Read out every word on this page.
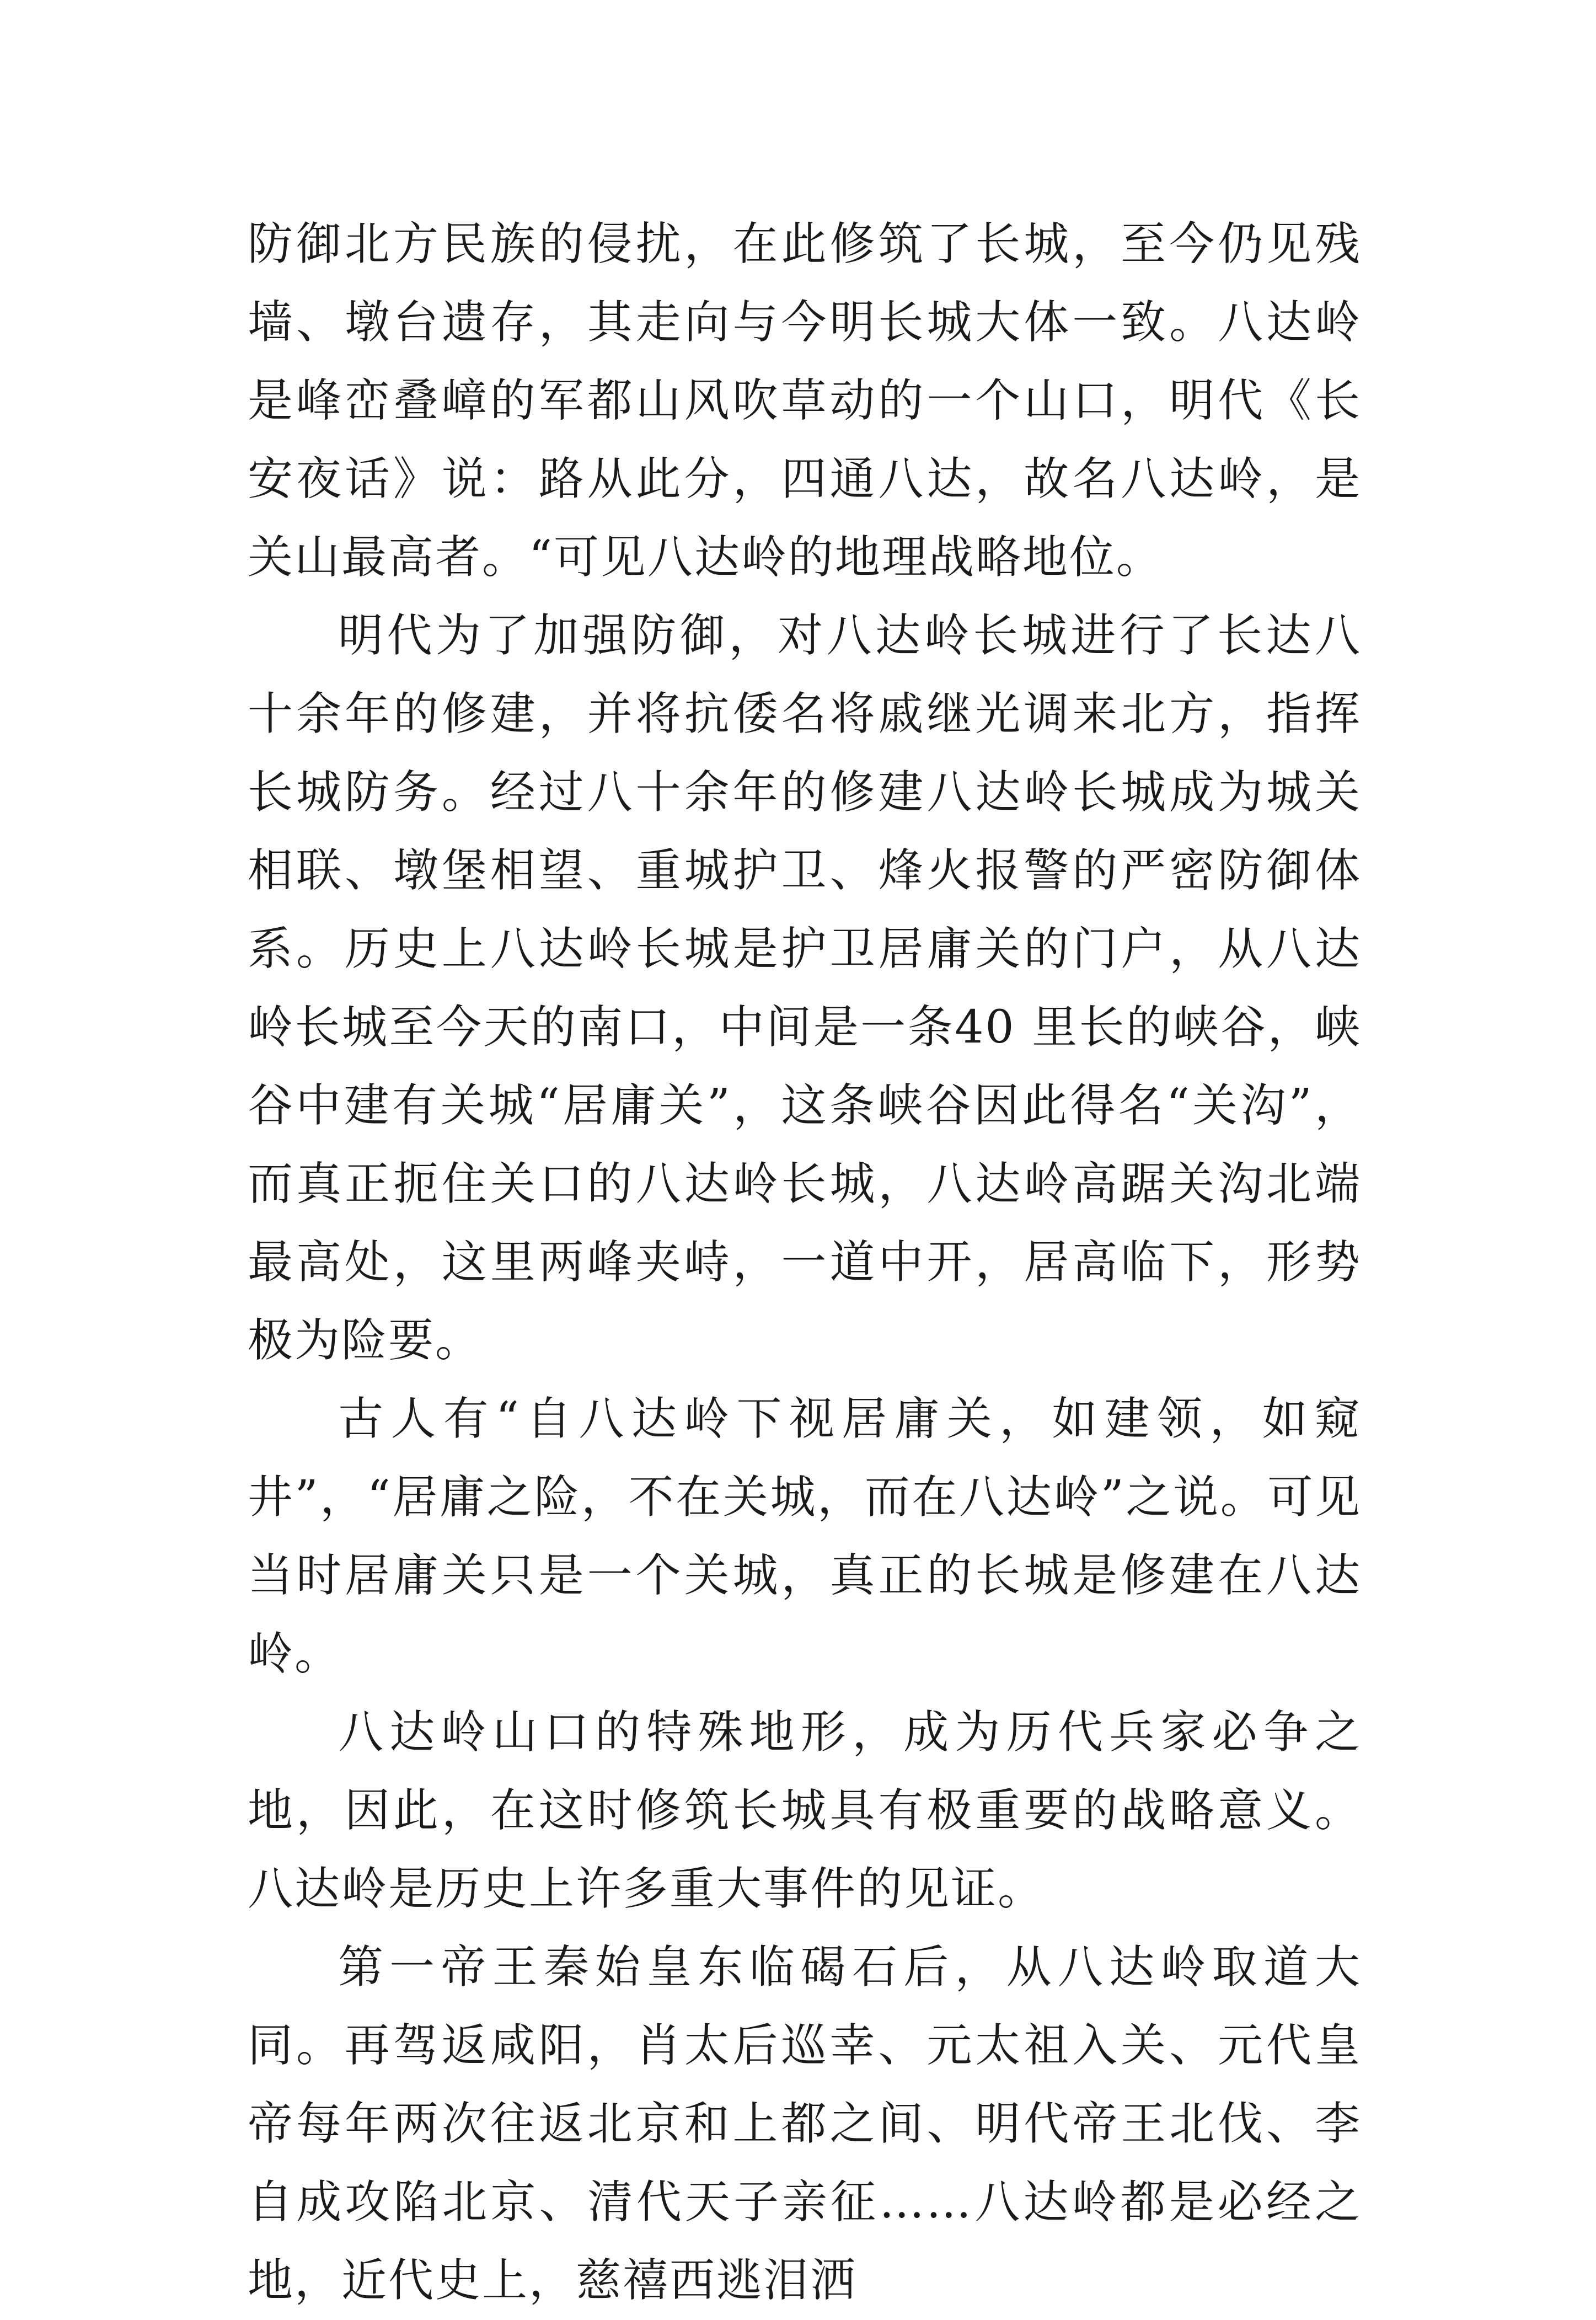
防御北方民族的侵扰，在此修筑了长城，至今仍见残墙、墩台遗存，其走向与今明长城大体一致。八达岭是峰峦叠嶂的军都山风吹草动的一个山口，明代《长安夜话》说：路从此分，四通八达，故名八达岭，是关山最高者。“可见八达岭的地理战略地位。

明代为了加强防御，对八达岭长城进行了长达八十余年的修建，并将抗倭名将戚继光调来北方，指挥长城防务。经过八十余年的修建八达岭长城成为城关相联、墩堡相望、重城护卫、烽火报警的严密防御体系。历史上八达岭长城是护卫居庸关的门户，从八达岭长城至今天的南口，中间是一条40 里长的峡谷，峡谷中建有关城“居庸关”，这条峡谷因此得名“关沟”，而真正扼住关口的八达岭长城，八达岭高踞关沟北端最高处，这里两峰夹峙，一道中开，居高临下，形势极为险要。

古人有“自八达岭下视居庸关，如建领，如窥井”，“居庸之险，不在关城，而在八达岭”之说。可见当时居庸关只是一个关城，真正的长城是修建在八达岭。

八达岭山口的特殊地形，成为历代兵家必争之地，因此，在这时修筑长城具有极重要的战略意义。八达岭是历史上许多重大事件的见证。

第一帝王秦始皇东临碣石后，从八达岭取道大同。再驾返咸阳，肖太后巡幸、元太祖入关、元代皇帝每年两次往返北京和上都之间、明代帝王北伐、李自成攻陷北京、清代天子亲征……八达岭都是必经之地，近代史上，慈禧西逃泪洒
